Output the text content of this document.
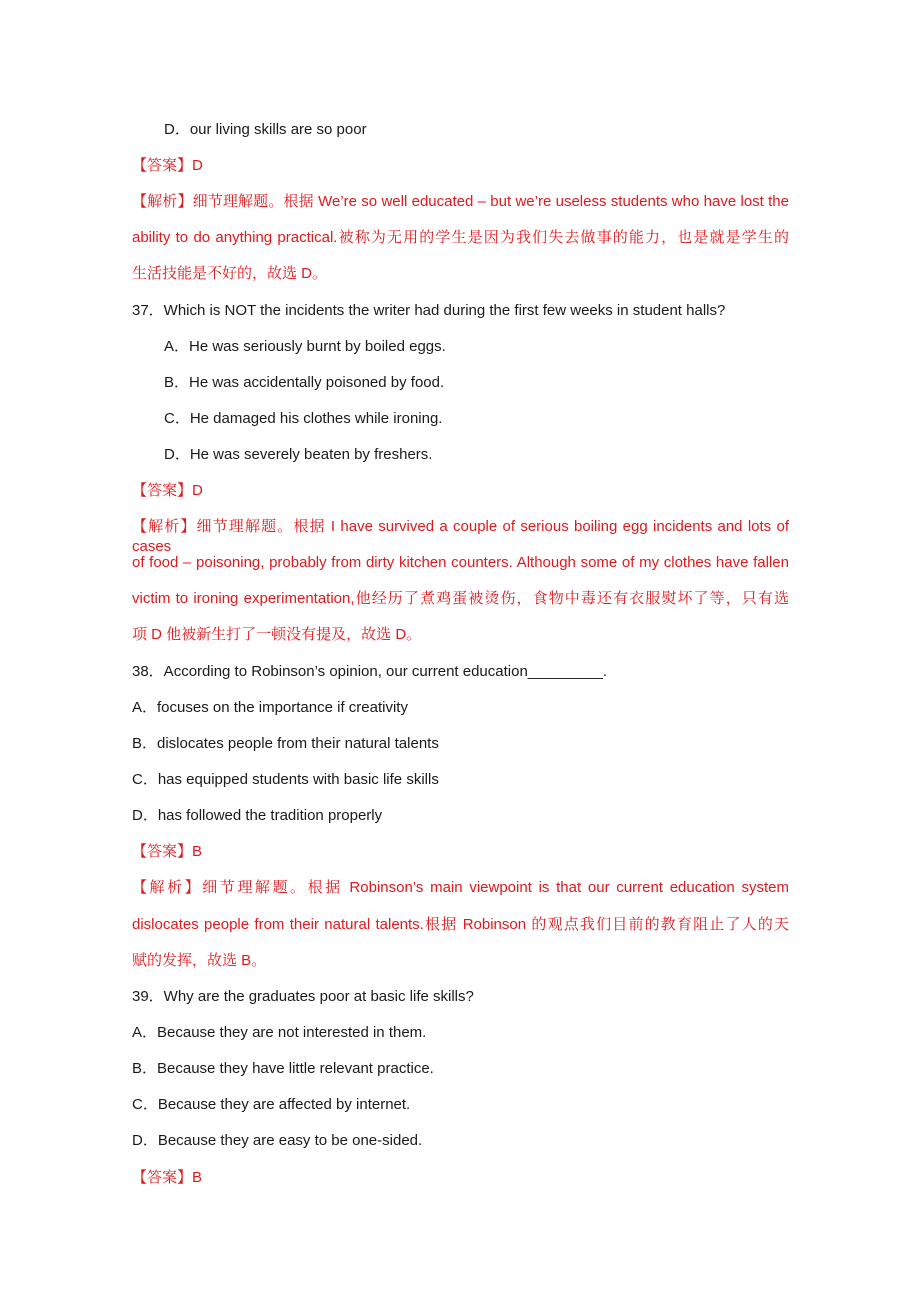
D．our living skills are so poor
【答案】D
【解析】细节理解题。根据 We’re so well educated – but we’re useless students who have lost the
ability to do anything practical.被称为无用的学生是因为我们失去做事的能力，也是就是学生的
生活技能是不好的，故选 D。
37．Which is NOT the incidents the writer had during the first few weeks in student halls?
A．He was seriously burnt by boiled eggs.
B．He was accidentally poisoned by food.
C．He damaged his clothes while ironing.
D．He was severely beaten by freshers.
【答案】D
【解析】细节理解题。根据 I have survived a couple of serious boiling egg incidents and lots of cases
of food – poisoning, probably from dirty kitchen counters. Although some of my clothes have fallen
victim to ironing experimentation,他经历了煮鸡蛋被烫伤，食物中毒还有衣服熨坏了等，只有选
项 D 他被新生打了一顿没有提及，故选 D。
38．According to Robinson’s opinion, our current education_________.
A．focuses on the importance if creativity
B．dislocates people from their natural talents
C．has equipped students with basic life skills
D．has followed the tradition properly
【答案】B
【解析】细节理解题。根据 Robinson’s main viewpoint is that our current education system
dislocates people from their natural talents.根据 Robinson 的观点我们目前的教育阻止了人的天
赋的发挥，故选 B。
39．Why are the graduates poor at basic life skills?
A．Because they are not interested in them.
B．Because they have little relevant practice.
C．Because they are affected by internet.
D．Because they are easy to be one-sided.
【答案】B
